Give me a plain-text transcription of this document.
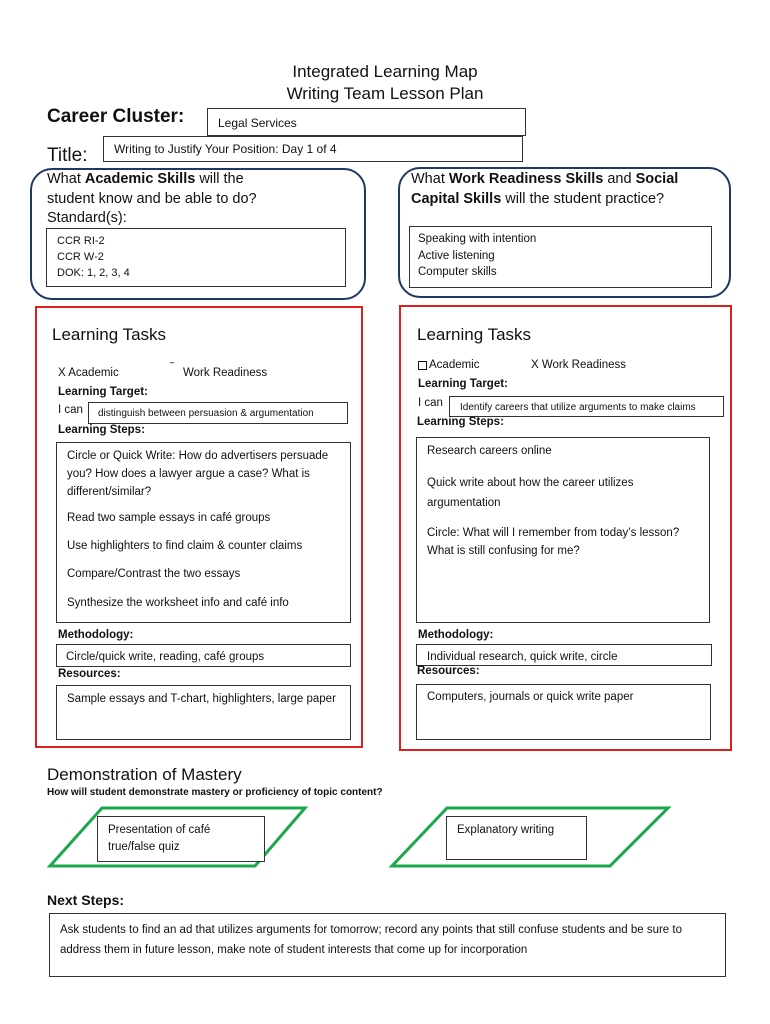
Integrated Learning Map
Writing Team Lesson Plan
Career Cluster:	Legal Services
Title: Writing to Justify Your Position: Day 1 of 4
What Academic Skills will the
student know and be able to do?
Standard(s):
CCR RI-2
CCR W-2
DOK: 1, 2, 3, 4
What Work Readiness Skills and Social
Capital Skills will the student practice?
Speaking with intention
Active listening
Computer skills
Learning Tasks
X Academic	‾ Work Readiness
Learning Target:
I can distinguish between persuasion & argumentation
Learning Steps:
Circle or Quick Write: How do advertisers persuade you? How does a lawyer argue a case? What is different/similar?
Read two sample essays in café groups
Use highlighters to find claim & counter claims
Compare/Contrast the two essays
Synthesize the worksheet info and café info
Methodology:
Circle/quick write, reading, café groups
Resources:
Sample essays and T-chart, highlighters, large paper
Learning Tasks
Academic	X Work Readiness
Learning Target:
I can Identify careers that utilize arguments to make claims
Learning Steps:
Research careers online
Quick write about how the career utilizes argumentation
Circle: What will I remember from today’s lesson? What is still confusing for me?
Methodology:
Individual research, quick write, circle
Resources:
Computers, journals or quick write paper
Demonstration of Mastery
How will student demonstrate mastery or proficiency of topic content?
Presentation of café true/false quiz
Explanatory writing
Next Steps:
Ask students to find an ad that utilizes arguments for tomorrow; record any points that still confuse students and be sure to address them in future lesson, make note of student interests that come up for incorporation
